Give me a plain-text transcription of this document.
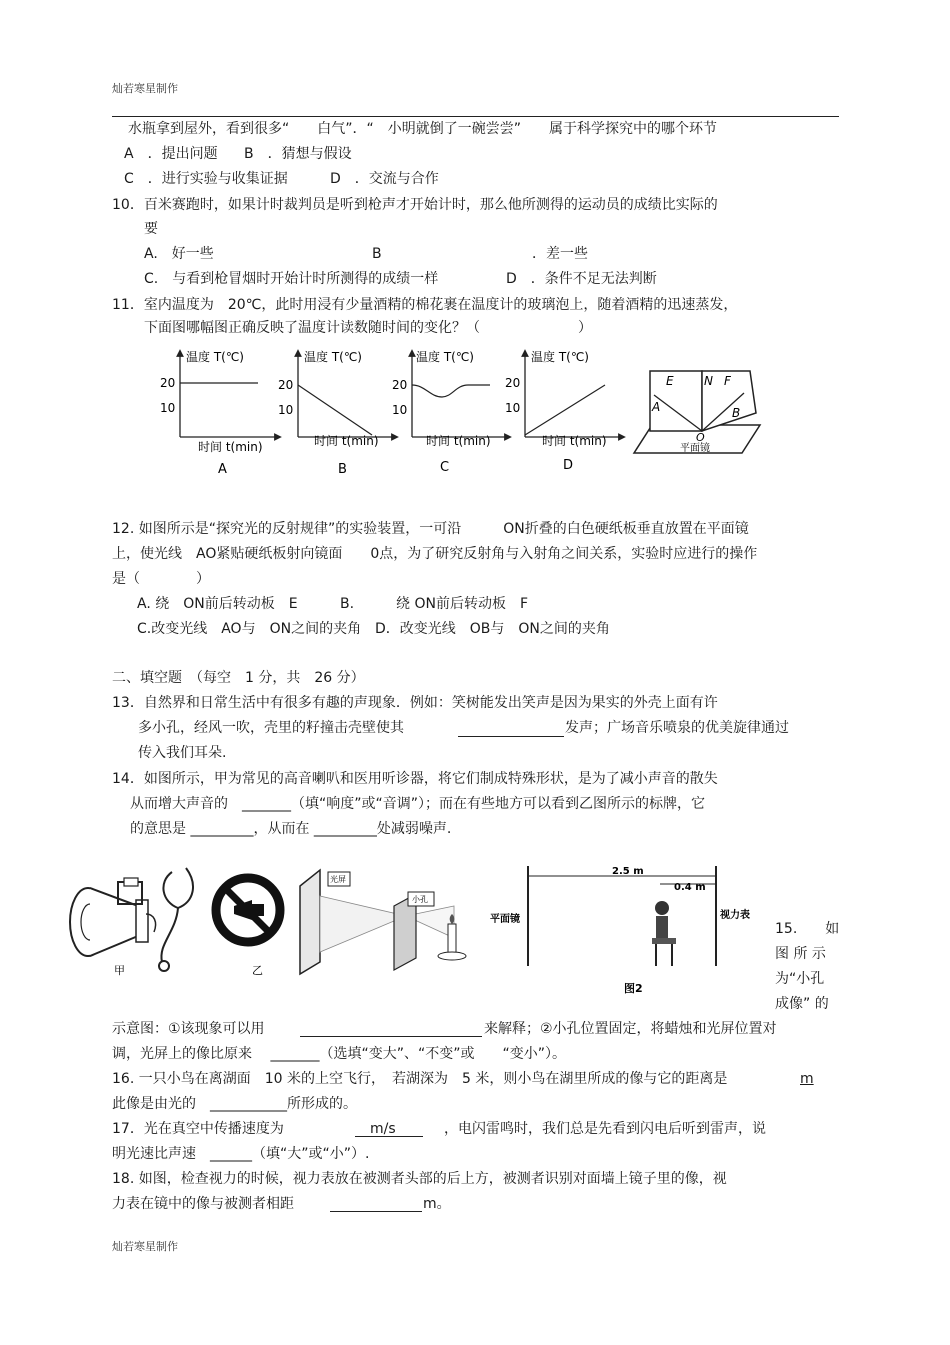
灿若寒星制作
水瓶拿到屋外，看到很多“　　白气”．“　小明就倒了一碗尝尝”　　属于科学探究中的哪个环节
A　．提出问题 B　．猜想与假设
C　．进行实验与收集证据	D　．交流与合作
10．百米赛跑时，如果计时裁判员是听到枪声才开始计时，那么他所测得的运动员的成绩比实际的
要
A.　好一些	B	．差一些
C.　与看到枪冒烟时开始计时所测得的成绩一样	D　．条件不足无法判断
11．室内温度为　20℃，此时用浸有少量酒精的棉花裹在温度计的玻璃泡上，随着酒精的迅速蒸发，
下面图哪幅图正确反映了温度计读数随时间的变化？（　　　　　　　）
温度 T(℃)
时间 t(min)
20
10
A
温度 T(℃)
时间 t(min)
20
10
B
温度 T(℃)
时间 t(min)
20
10
C
温度 T(℃)
时间 t(min)
20
10
D
E	N F
A	B
O
平面镜
12. 如图所示是“探究光的反射规律”的实验装置，一可沿　　　ON折叠的白色硬纸板垂直放置在平面镜
上，使光线　AO紧贴硬纸板射向镜面　　0点，为了研究反射角与入射角之间关系，实验时应进行的操作
是（　　　　）
A. 绕　ON前后转动板　E	B.　　　绕 ON前后转动板　F
C.改变光线　AO与　ON之间的夹角 D．改变光线　OB与　ON之间的夹角
二、填空题　（每空　1 分，共　26 分）
13．自然界和日常生活中有很多有趣的声现象．例如：笑树能发出笑声是因为果实的外壳上面有许
多小孔，经风一吹，壳里的籽撞击壳壁使其	发声；广场音乐喷泉的优美旋律通过
传入我们耳朵.
14．如图所示，甲为常见的高音喇叭和医用听诊器，将它们制成特殊形状，是为了减小声音的散失
从而增大声音的　_______（填“响度”或“音调”）；而在有些地方可以看到乙图所示的标牌，它
的意思是 _________，从而在 _________处减弱噪声.
甲	乙
光屏
小孔
2.5 m
0.4 m
平面镜	视力表
图2
15.　　如
图 所 示
为“小孔
成像” 的
示意图：①该现象可以用	来解释；②小孔位置固定，将蜡烛和光屏位置对
调，光屏上的像比原来　 _______（选填“变大”、“不变”或　　“变小”）。
16. 一只小鸟在离湖面　10 米的上空飞行，　若湖深为　5 米，则小鸟在湖里所成的像与它的距离是	m
此像是由光的　___________所形成的。
17．光在真空中传播速度为	m/s	，电闪雷鸣时，我们总是先看到闪电后听到雷声，说
明光速比声速　______（填“大”或“小”）.
18. 如图，检查视力的时候，视力表放在被测者头部的后上方，被测者识别对面墙上镜子里的像，视
力表在镜中的像与被测者相距	m。
灿若寒星制作
